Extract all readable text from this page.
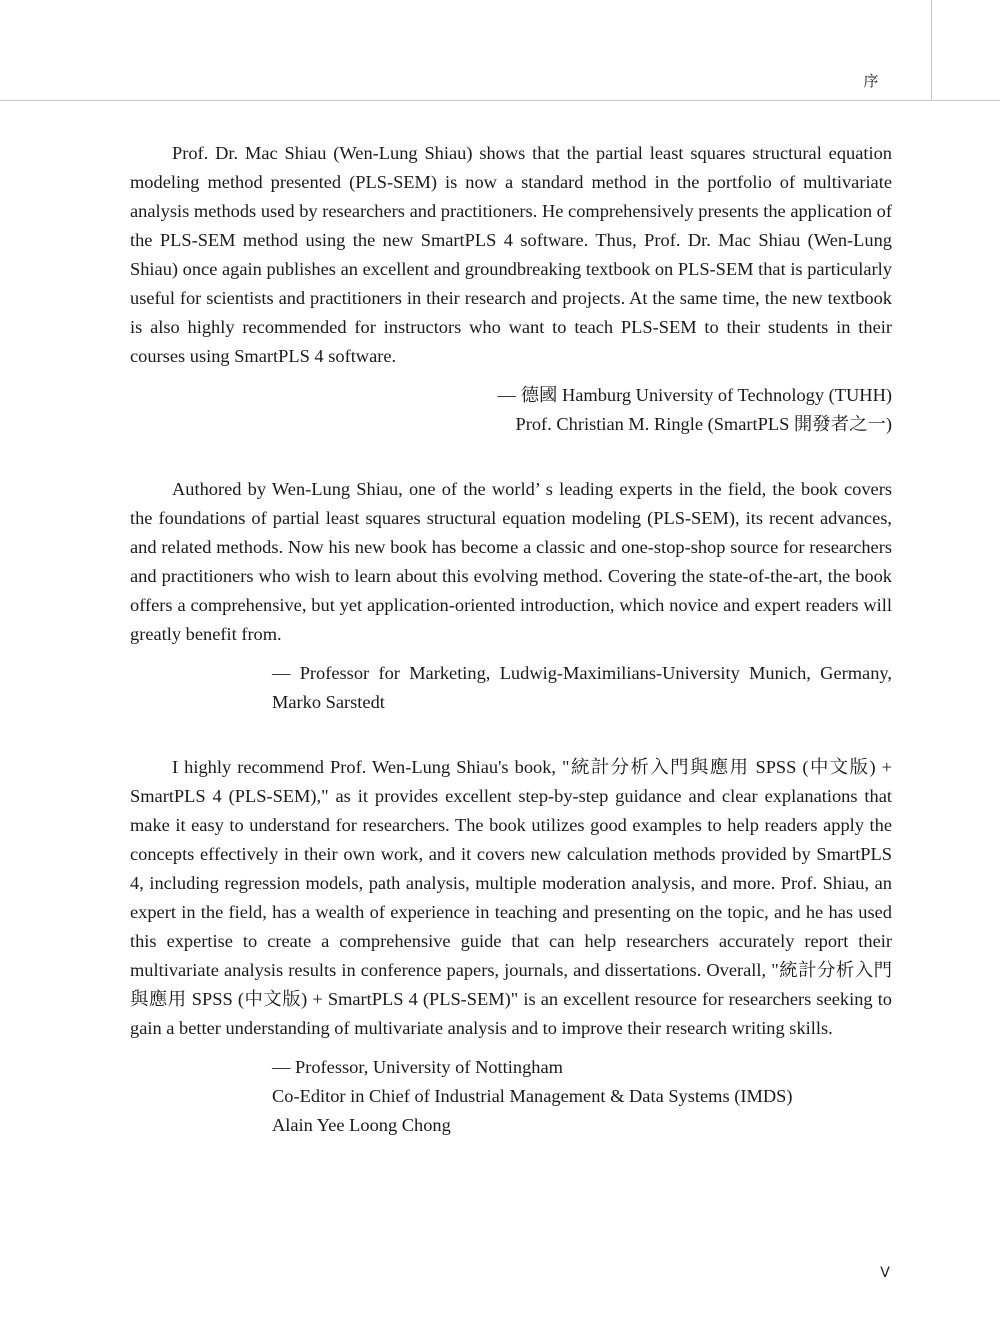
序

Prof. Dr. Mac Shiau (Wen-Lung Shiau) shows that the partial least squares structural equation modeling method presented (PLS-SEM) is now a standard method in the portfolio of multivariate analysis methods used by researchers and practitioners. He comprehensively presents the application of the PLS-SEM method using the new SmartPLS 4 software. Thus, Prof. Dr. Mac Shiau (Wen-Lung Shiau) once again publishes an excellent and groundbreaking textbook on PLS-SEM that is particularly useful for scientists and practitioners in their research and projects. At the same time, the new textbook is also highly recommended for instructors who want to teach PLS-SEM to their students in their courses using SmartPLS 4 software.

— 德國 Hamburg University of Technology (TUHH)
Prof. Christian M. Ringle (SmartPLS 開發者之一)

Authored by Wen-Lung Shiau, one of the world’ s leading experts in the field, the book covers the foundations of partial least squares structural equation modeling (PLS-SEM), its recent advances, and related methods. Now his new book has become a classic and one-stop-shop source for researchers and practitioners who wish to learn about this evolving method. Covering the state-of-the-art, the book offers a comprehensive, but yet application-oriented introduction, which novice and expert readers will greatly benefit from.

— Professor for Marketing, Ludwig-Maximilians-University Munich, Germany, Marko Sarstedt

I highly recommend Prof. Wen-Lung Shiau's book, "統計分析入門與應用 SPSS (中文版) + SmartPLS 4 (PLS-SEM)," as it provides excellent step-by-step guidance and clear explanations that make it easy to understand for researchers. The book utilizes good examples to help readers apply the concepts effectively in their own work, and it covers new calculation methods provided by SmartPLS 4, including regression models, path analysis, multiple moderation analysis, and more. Prof. Shiau, an expert in the field, has a wealth of experience in teaching and presenting on the topic, and he has used this expertise to create a comprehensive guide that can help researchers accurately report their multivariate analysis results in conference papers, journals, and dissertations. Overall, "統計分析入門與應用 SPSS (中文版) + SmartPLS 4 (PLS-SEM)" is an excellent resource for researchers seeking to gain a better understanding of multivariate analysis and to improve their research writing skills.

— Professor, University of Nottingham
Co-Editor in Chief of Industrial Management & Data Systems (IMDS)
Alain Yee Loong Chong
V
